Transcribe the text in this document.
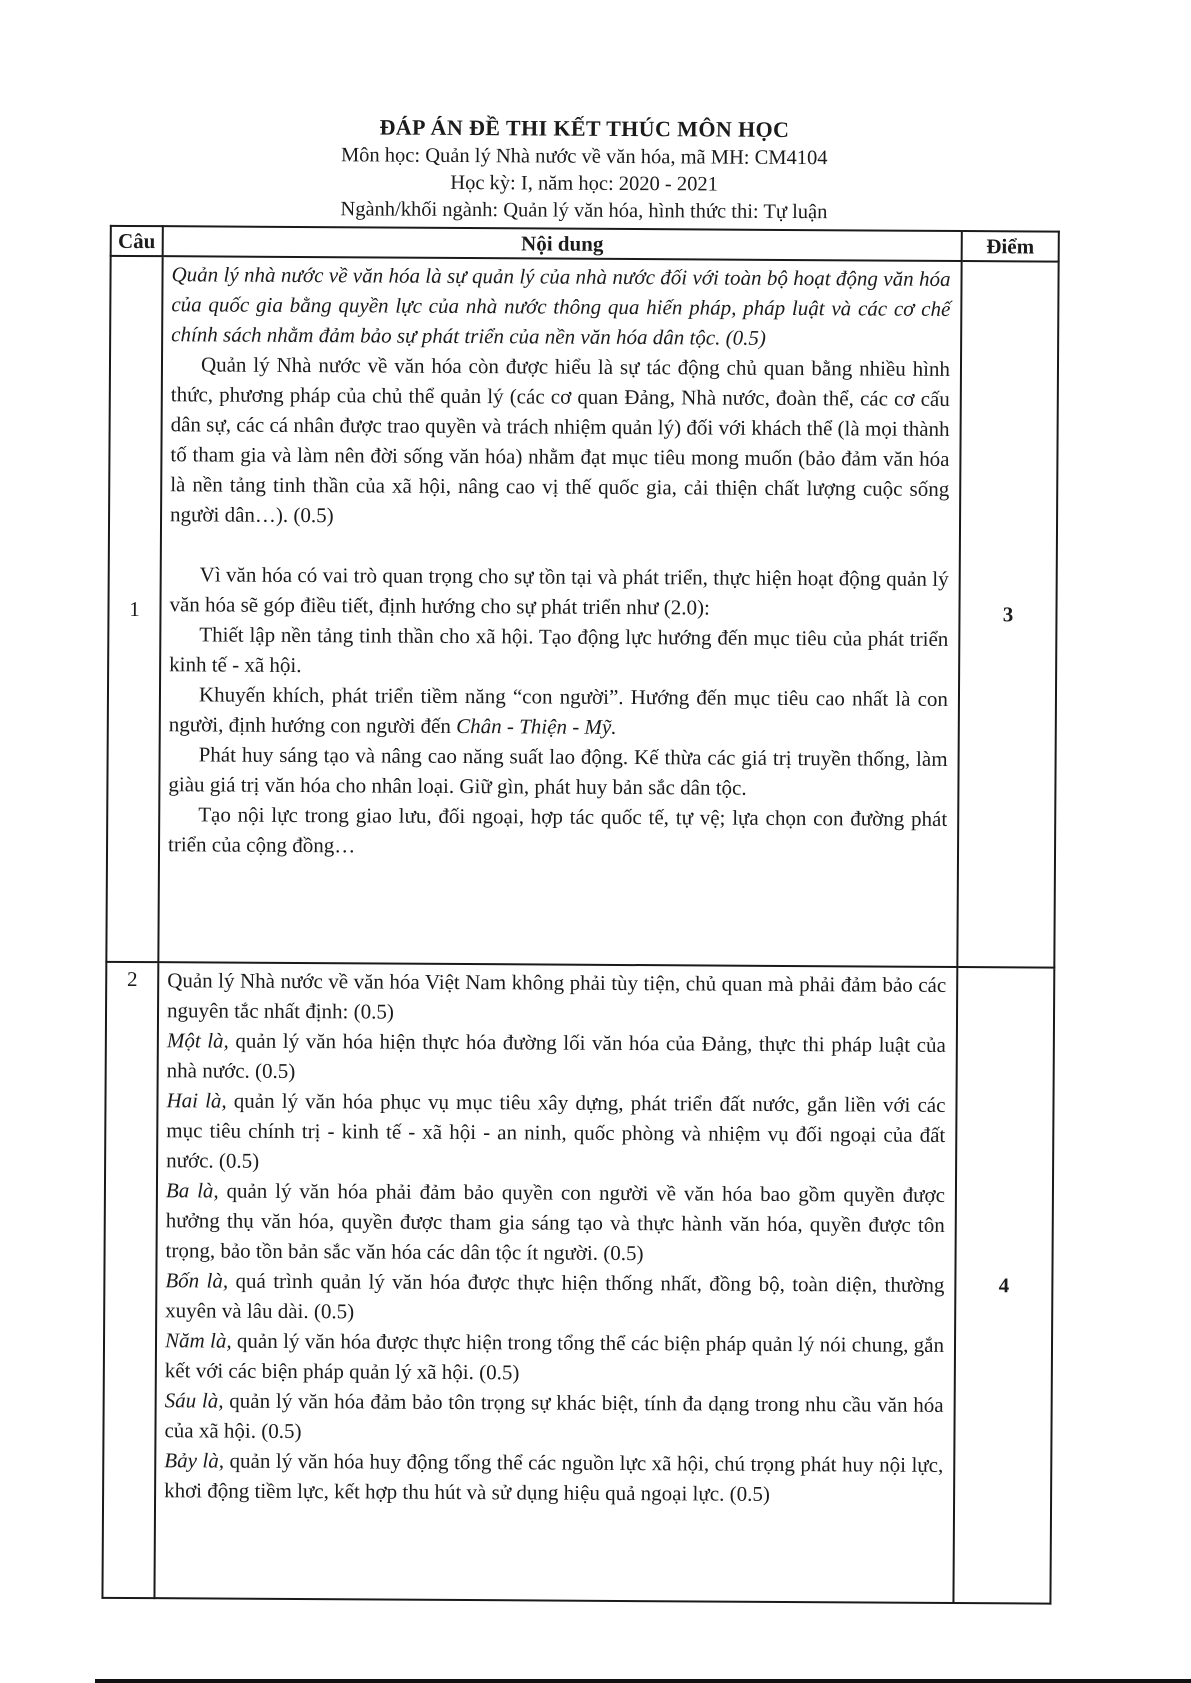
ĐÁP ÁN ĐỀ THI KẾT THÚC MÔN HỌC
Môn học: Quản lý Nhà nước về văn hóa, mã MH: CM4104
Học kỳ: I, năm học: 2020 - 2021
Ngành/khối ngành: Quản lý văn hóa, hình thức thi: Tự luận
Câu	Nội dung	Điểm
1	

Quản lý nhà nước về văn hóa là sự quản lý của nhà nước đối với toàn bộ hoạt động văn hóa của quốc gia bằng quyền lực của nhà nước thông qua hiến pháp, pháp luật và các cơ chế chính sách nhằm đảm bảo sự phát triển của nền văn hóa dân tộc. (0.5)

Quản lý Nhà nước về văn hóa còn được hiểu là sự tác động chủ quan bằng nhiều hình thức, phương pháp của chủ thể quản lý (các cơ quan Đảng, Nhà nước, đoàn thể, các cơ cấu dân sự, các cá nhân được trao quyền và trách nhiệm quản lý) đối với khách thể (là mọi thành tố tham gia và làm nên đời sống văn hóa) nhằm đạt mục tiêu mong muốn (bảo đảm văn hóa là nền tảng tinh thần của xã hội, nâng cao vị thế quốc gia, cải thiện chất lượng cuộc sống người dân…). (0.5)

Vì văn hóa có vai trò quan trọng cho sự tồn tại và phát triển, thực hiện hoạt động quản lý văn hóa sẽ góp điều tiết, định hướng cho sự phát triển như (2.0):

Thiết lập nền tảng tinh thần cho xã hội. Tạo động lực hướng đến mục tiêu của phát triển kinh tế - xã hội.

Khuyến khích, phát triển tiềm năng “con người”. Hướng đến mục tiêu cao nhất là con người, định hướng con người đến Chân - Thiện - Mỹ.

Phát huy sáng tạo và nâng cao năng suất lao động. Kế thừa các giá trị truyền thống, làm giàu giá trị văn hóa cho nhân loại. Giữ gìn, phát huy bản sắc dân tộc.

Tạo nội lực trong giao lưu, đối ngoại, hợp tác quốc tế, tự vệ; lựa chọn con đường phát triển của cộng đồng…

	3
2	Quản lý Nhà nước về văn hóa Việt Nam không phải tùy tiện, chủ quan mà phải đảm bảo các nguyên tắc nhất định: (0.5)

Một là, quản lý văn hóa hiện thực hóa đường lối văn hóa của Đảng, thực thi pháp luật của nhà nước. (0.5)

Hai là, quản lý văn hóa phục vụ mục tiêu xây dựng, phát triển đất nước, gắn liền với các mục tiêu chính trị - kinh tế - xã hội - an ninh, quốc phòng và nhiệm vụ đối ngoại của đất nước. (0.5)

Ba là, quản lý văn hóa phải đảm bảo quyền con người về văn hóa bao gồm quyền được hưởng thụ văn hóa, quyền được tham gia sáng tạo và thực hành văn hóa, quyền được tôn trọng, bảo tồn bản sắc văn hóa các dân tộc ít người. (0.5)

Bốn là, quá trình quản lý văn hóa được thực hiện thống nhất, đồng bộ, toàn diện, thường xuyên và lâu dài. (0.5)

Năm là, quản lý văn hóa được thực hiện trong tổng thể các biện pháp quản lý nói chung, gắn kết với các biện pháp quản lý xã hội. (0.5)

Sáu là, quản lý văn hóa đảm bảo tôn trọng sự khác biệt, tính đa dạng trong nhu cầu văn hóa của xã hội. (0.5)

Bảy là, quản lý văn hóa huy động tổng thể các nguồn lực xã hội, chú trọng phát huy nội lực, khơi động tiềm lực, kết hợp thu hút và sử dụng hiệu quả ngoại lực. (0.5)

	4
